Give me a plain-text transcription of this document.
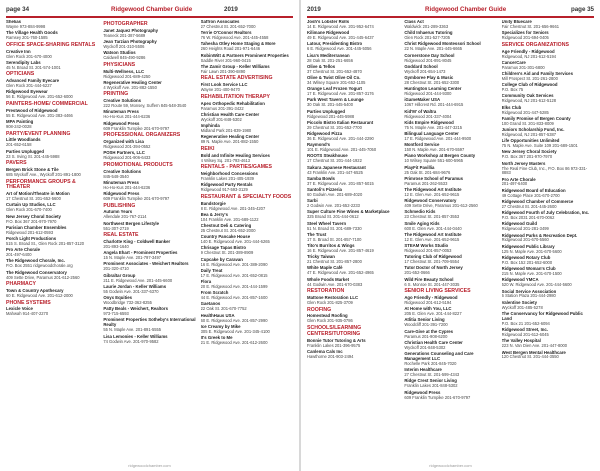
page 34	Ridgewood Chamber Guide	2019
Shelias
Wayne 973-884-9998
The Village Health Goods
Ramsey 201-760-1585
OFFICE SPACE-SHARING RENTALS
Creative Inn
Glen Rock 201-670-4000
Serendipity Labs
45 N. Broad St. 201-574-1001
OPTICIANS
Advanced Family Eyecare
Glen Rock 201-444-6227
Ridgewood Eyewear
56 E. Ridgewood Ave. 201-652-6000
PAINTERS-HOME/ COMMERCIAL
Prestwood of Ridgewood
55 E. Ridgewood Ave. 201-383-4466
MPA Painting
908-242-0028
PARTY/EVENT PLANNING
Little Woodlands
201-652-6158
Parties Unplugged
23 S. Irving St. 201-445-5988
PAVERS
Bergen Brick Stone & Tile
685 Wyckoff Ave., Wyckoff 201-891-1800
PERFORMANCE GROUPS & THEATER
Art of Motion/Theatre in Motion
17 Chestnut St. 201-652-5600
Curtain Up Studios, LLC
Glen Rock 201-670-7400
New Jersey Choral Society
P.O. Box 367 201-970-7970
Parisian Chamber Ensembles
Ridgewood 201-612-0593
Porch Light Productions
515 S. Broad St., Glen Rock 201-857-3120
Pro Arte Chorale
201-497-6400
The Ridgewood Chorale, Inc.
P.O. Box 2551 ridgewoodchorale.org
The Ridgewood Conservatory
409 Sette Drive, Paramus 201-612-2560
PHARMACY
Town & Country Apothecary
60 E. Ridgewood Ave. 201-612-2000
PHONE SYSTEMS
Lexicle Voice
Mahwah 914-407-2270
PHOTOGRAPHER
Janet Jaquez Photography
Teaneck 201-387-5689
Jean Tarzian Photography
Wyckoff 201-310-5506
Watson Studios
Caldwell 845-490-9286
PHYSICIANS
Multi-Wellness, LLC
Ridgewood 201-689-4250
Regenerative Healing Center
4 Wyckoff Ave. 201-882-1550
PRINTING
Creative Solutions
222 Route 59, Monsey, Suffern 845-548-3540
Minuteman Press
Ho-Ho-Kus 201-444-6236
Ridgewood Press
609 Franklin Turnpike 201-670-9797
PROFESSIONAL ORGANIZERS
Organized with Lisa
Ridgewood 201-394-0552
POSH Partners, LLC
Ridgewood 201-906-6433
PROMOTIONAL PRODUCTS
Creative Solutions
845-548-3540
Minuteman Press
Ho-Ho-Kus 201-444-6236
Ridgewood Press
609 Franklin Turnpike 201-670-9797
PUBLISHING
Autumn Years
Allendale 201-767-2114
Northwest Bergen Lifestyle
551-307-2719
REAL ESTATE
Charlotte King - Coldwell Banker
201-893-1640
Angela Ehart - Prominent Properties
15 N. Maple Ave. 201-797-3497
Prominent Associates - Weichert Realtors
201-320-4710
Gibraltar Group
211 E. Ridgewood Ave. 201-445-6600
Laurie Jordan - Keller Williams
55 Godwin Ave. 201-337-6370
Onyx Equities
Woodbridge 732-362-8255
Patty Beals - Weichert, Realtors
973-715-6593
Prominent Properties Sotheby's International Realty
55 N. Maple Ave. 201-891-5555
Lisa Lemonies - Keller Williams
74 Godwin Ave. 201-970-9582
Saffron Associates
27 Chestnut St. 201-652-7000
Terrie O'Connor Realtors
76 W. Ridgewood Ave. 201-445-4558
Tahesha Otley Home Staging & More
260 Heights Road 201-971-6446
RobinWitt & Partners Prominent Properties
Saddle River 201-960-0415
The Zamir Group - Keller Williams
Fair Lawn 201-390-6890
REAL ESTATE ADVERTISING
First Look Service LLC
Wayne 201-400-9470
REHABILITATION THERAPY
Apex Orthopedic Rehabilitation
Paramus 201-391-3422
Christian Health Care Center
Wyckoff 201-848-5302
Imphinda
Midland Park 201-839-1980
Regenerative Healing Center
89 N. Maple Ave. 201-882-1550
REIKI
Bold and Infinite Healing Services
4 Wilsey Sq. 201-793-4613
RENTALS - PARTIES/GAMES
Neighborhood Concessions
Franklin Lakes 201-405-1939
Ridgewood Party Rentals
Ridgewood 917-593-3129
RESTAURANT & SPECIALTY FOODS
Bandstorgie
8 E. Ridgewood Ave. 201-345-4207
Bea & Jerry's
104 Franklin Ave. 201-689-1122
Chestnut Deli & Catering
25 Chestnut St. 201-652-2000
Country Pancake House
140 E. Ridgewood Ave. 201-444-6265
Chrisage Tapas Bistro
9 Chestnut St. 201-389-8909
Cupcake by Caravan
16 E. Ridgewood Ave. 201-389-2090
Daily Treat
17 E. Ridgewood Ave. 201-652-0815
Flora
20 E. Ridgewood Ave. 201-444-1599
From Scratch
44 E. Ridgewood Ave. 201-857-1600
Gaetanos
22 Oak St. 201-670-7752
HealthHaus USA
60 E. Ridgewood Ave. 201-857-2990
Ice Creamy by Mike
305 E. Ridgewood Ave. 201-345-4100
It's Greek to Me
21 E. Ridgewood Ave. 201-612-2600
ridgewoodchamber.com
2019	Ridgewood Chamber Guide	page 35
Josh's Lobster Rolls
14 E. Ridgewood Ave. 201-952-6474
Kilimane Ridgewood
49 E. Ridgewood Ave. 201-445-6437
Latour, Presidenting Bistro
6 E. Ridgewood Ave. 201-445-5056
Lisa's Mediterranean
28 Oak St. 201-251-6656
Olive & Tellos
37 Chestnut St. 201-652-4870
Olive & Twist Olive Oil Co.
34 Wilsey Square 201-652-1105
Orange Leaf Frozen Yogurt
17 E. Ridgewood Ave. 201-857-3176
Park West Tavern & Lounge
30 Oak St. 201-445-5400
Parties Unplugged
Ridgewood 201-445-5988
Piccolo Bistro Italian Restaurant
29 Chestnut St. 201-652-7700
Ridgewood Pizza
36 E. Ridgewood Ave. 201-444-2290
Raymond's
101 E. Ridgewood Ave. 201-445-7050
ROOTS Steakhouse
17 Chestnut St. 201-444-1922
Sakura Japanese Restaurant
43 Franklin Ave. 201-447-6525
Samba Bowls
37 E. Ridgewood Ave. 201-857-5015
Santoli's Pizzeria
60 Godwin Ave. 201-689-4020
Sarbi
2 Godwin Ave. 201-652-2233
Super Culture Fine Wines & Marketplace
325 Broad St. 201-444-0612
Steel Wheel Tavern
51 N. Broad St. 201-689-7330
The Trust
17 S. Broad St. 201-857-7100
Tito's Burritos & Wings
16 E. Ridgewood Ave. 201-857-4619
Tricky Taiwan
21 Chestnut St. 201-857-2800
White Maple Café
47 E. Ridgewood Ave. 201-652-4965
Whole Foods Market
44 Godwin Ave. 201-670-0383
RESTORATION
Mattone Restoration LLC
Glen Rock 201-825-3709
ROOFING
Homestead Roofing
Glen Rock 201-935-0786
SCHOOLS/LEARNING CENTERS/TUTORING
Bonnie Tutor Tutoring & Arts
Franklin Lakes 201-396-9575
Canlema Cals Inc
Hawthorne 201-903-2494
Class Act
Waldwick 201-289-3363
Child Inhaerus Tutoring
Glen Rock 201-527-7205
Christ Ridgewood Montessori School
22 N. Maple Ave. 201-445-6665
Cornerstone Day School
Ridgewood 201-891-8045
Goddard School
Wyckoff 201-654-1473
Gymboree Play & Music
28 Chestnut St. 201-652-3300
Huntington Learning Center
Ridgewood 201-444-9300
iGameMaker USA
1067 Hillcrest Rd. 201-444-6915
Kid'M' of Waltra
Ridgewood 201-337-4004
Kids Empire Ridgewood
75 N. Maple Ave. 201-447-3215
Bilingual Language Center
17 E. Ridgewood Ave. 201-444-9500
Montford Service
150 N. Maple Ave. 201-670-5597
Piano Workshop at Bergen County
10 Wilsey Square 551-600-5965
PlayFit Pavillia
25 Oak St. 201-684-9676
Primrose School of Paramus
Paramus 201-262-5533
The Ridgewood Art Institute
12 E. Glen Ave. 201-652-9615
Ridgewood Conservatory
409 Sette Drive, Paramus 201-612-2560
Schmedio Kids
23 Chestnut St. 201-857-3553
Smile Aging Kids
600 E. Glen Ave. 201-444-0440
The Ridgewood Art Institute
12 E. Glen Ave. 201-652-9615
STEAM Works Studio
Ridgewood 201-857-0053
Tutoring Club of Ridgewood
17 Chestnut St. 201-709-5554
Tutor Doctor of North Jersey
201-652-0666
Wild Fire Beauty School
6 S. Monroe St. 201-447-3035
SENIOR LIVING SERVICES
Ago Friendly - Ridgewood
Ridgewood 201-612-5194
At Home with You, LLC
205 E. Glen Ave. 201-444-8227
Atlitia Senior Living
Woodcliff 201-391-7200
Care-Give at the Cypres
Paramus 201-908-6200
Christian Health Care Center
Wyckoff 201-848-5302
Generations Counseling and Care Management LLC
Rochelle Park 201-845-7020
Interim Healthcare
27 Chestnut St. 201-599-4343
Ridge Crest Senior Living
Franklin Lakes 201-848-5302
Ridgewood Press
609 Franklin Turnpike 201-670-9797
Unity Bluecare
Fair Chestnut St. 201-656-9661
Specializes for Seniors
Ridgewood 201-694-0405
SERVICE ORGANIZATIONS
Age Friendly - Ridgewood
Ridgewood, NJ 201-612-5194
CancerCare
Paramus 201-301-6800
Children's Aid and Family Services
Mill Prospect St. 201-261-2800
College Club of Ridgewood
P.O. Box 75
Community Oak Services
Ridgewood, NJ 201-612-5128
Elks Club
Ridgewood 201-447-5285
Family Promise of Bergen County
100 Grand St. 201-833-8009
Juniors Scholarship Fund, Inc.
Ridgewood, NJ 201-857-5387
Life Opportunities Unlimited
75 N. Maple Ave. Suite 109 201-689-1501
New Jersey Choral Society
P.O. Box 367 201-970-7970
North Jersey Masters
The Real Fine Club, Inc., P.O. Box 86 973-331-8883
Pro Arte Chorale
201-497-6400
Ridgewood Board of Education
49 Cottage Place 201-670-2700
Ridgewood Chamber of Commerce
27 Chestnut St. 201-445-2600
Ridgewood Fourth of July Celebration, Inc.
P.O. Box 2031 201-670-0062
Ridgewood Guild
Ridgewood 201-281-3499
Ridgewood Parks & Recreation Dept.
Ridgewood 201-670-5560
Ridgewood Public Library
125 N. Maple Ave. 201-670-5600
Ridgewood Rotary Club
P.O. Box 152 201-652-6000
Ridgewood Woman's Club
215 N. Maple Ave. 201-670-1500
Ridgewood YMCA
520 W. Ridgewood Ave. 201-444-5600
Social Service Association
6 Station Plaza 201-444-2980
Valentine Society
Wyckoff 201-485-5278
The Conservancy for Ridgewood Public Land
P.O. Box 21 201-652-6094
Ridgewood Street, Inc.
Ridgewood 201-612-6045
The Valley Hospital
223 N. Van Dien Ave. 201-447-8000
West Bergen Mental Healthcare
120 Chestnut St. 201-444-3550
ridgewoodchamber.com
